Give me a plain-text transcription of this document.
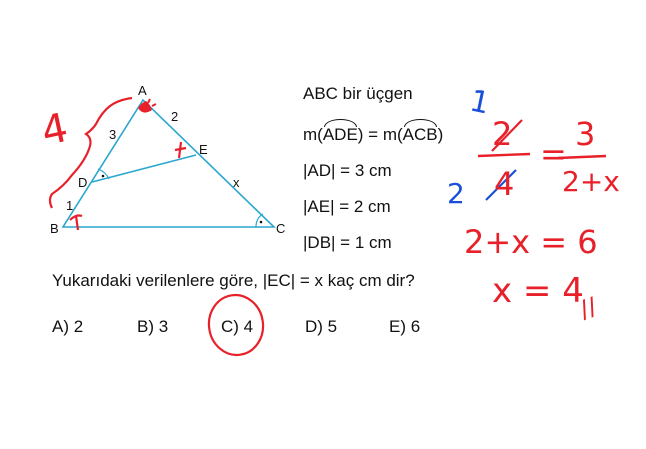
A
B	C
D
E
3
2
1
x
ABC bir üçgen
m(ADE) = m(ACB)
|AD| = 3 cm
|AE| = 2 cm
|DB| = 1 cm
Yukarıdaki verilenlere göre, |EC| = x kaç cm dir?
A) 2	B) 3	C) 4	D) 5	E) 6
4	2
4
1
2
=
3
2+x
2+x = 6
x = 4
//
